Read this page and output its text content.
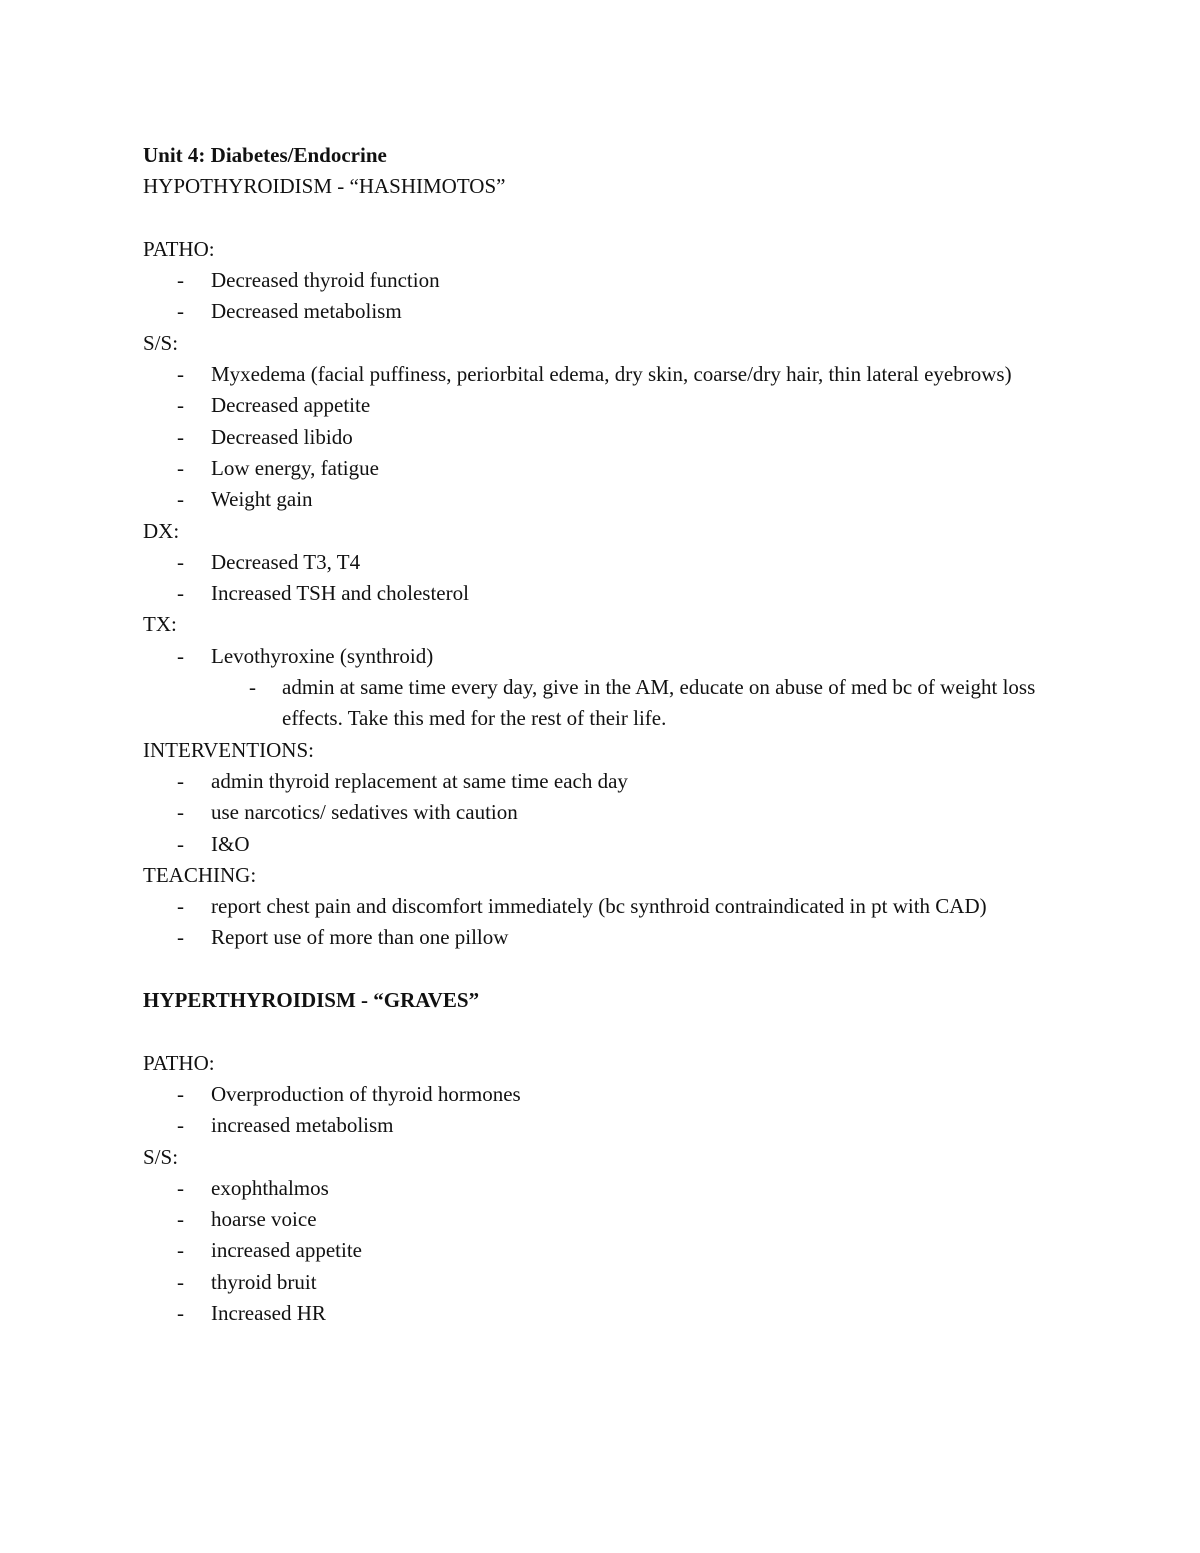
Unit 4: Diabetes/Endocrine

HYPOTHYROIDISM - “HASHIMOTOS”

PATHO:

- Decreased thyroid function
- Decreased metabolism

S/S:

- Myxedema (facial puffiness, periorbital edema, dry skin, coarse/dry hair, thin lateral eyebrows)
- Decreased appetite
- Decreased libido
- Low energy, fatigue
- Weight gain

DX:

- Decreased T3, T4
- Increased TSH and cholesterol

TX:

- Levothyroxine (synthroid)
- admin at same time every day, give in the AM, educate on abuse of med bc of weight loss effects. Take this med for the rest of their life.

INTERVENTIONS:

- admin thyroid replacement at same time each day
- use narcotics/ sedatives with caution
- I&O

TEACHING:

- report chest pain and discomfort immediately (bc synthroid contraindicated in pt with CAD)
- Report use of more than one pillow

HYPERTHYROIDISM - “GRAVES”

PATHO:

- Overproduction of thyroid hormones
- increased metabolism

S/S:

- exophthalmos
- hoarse voice
- increased appetite
- thyroid bruit
- Increased HR
